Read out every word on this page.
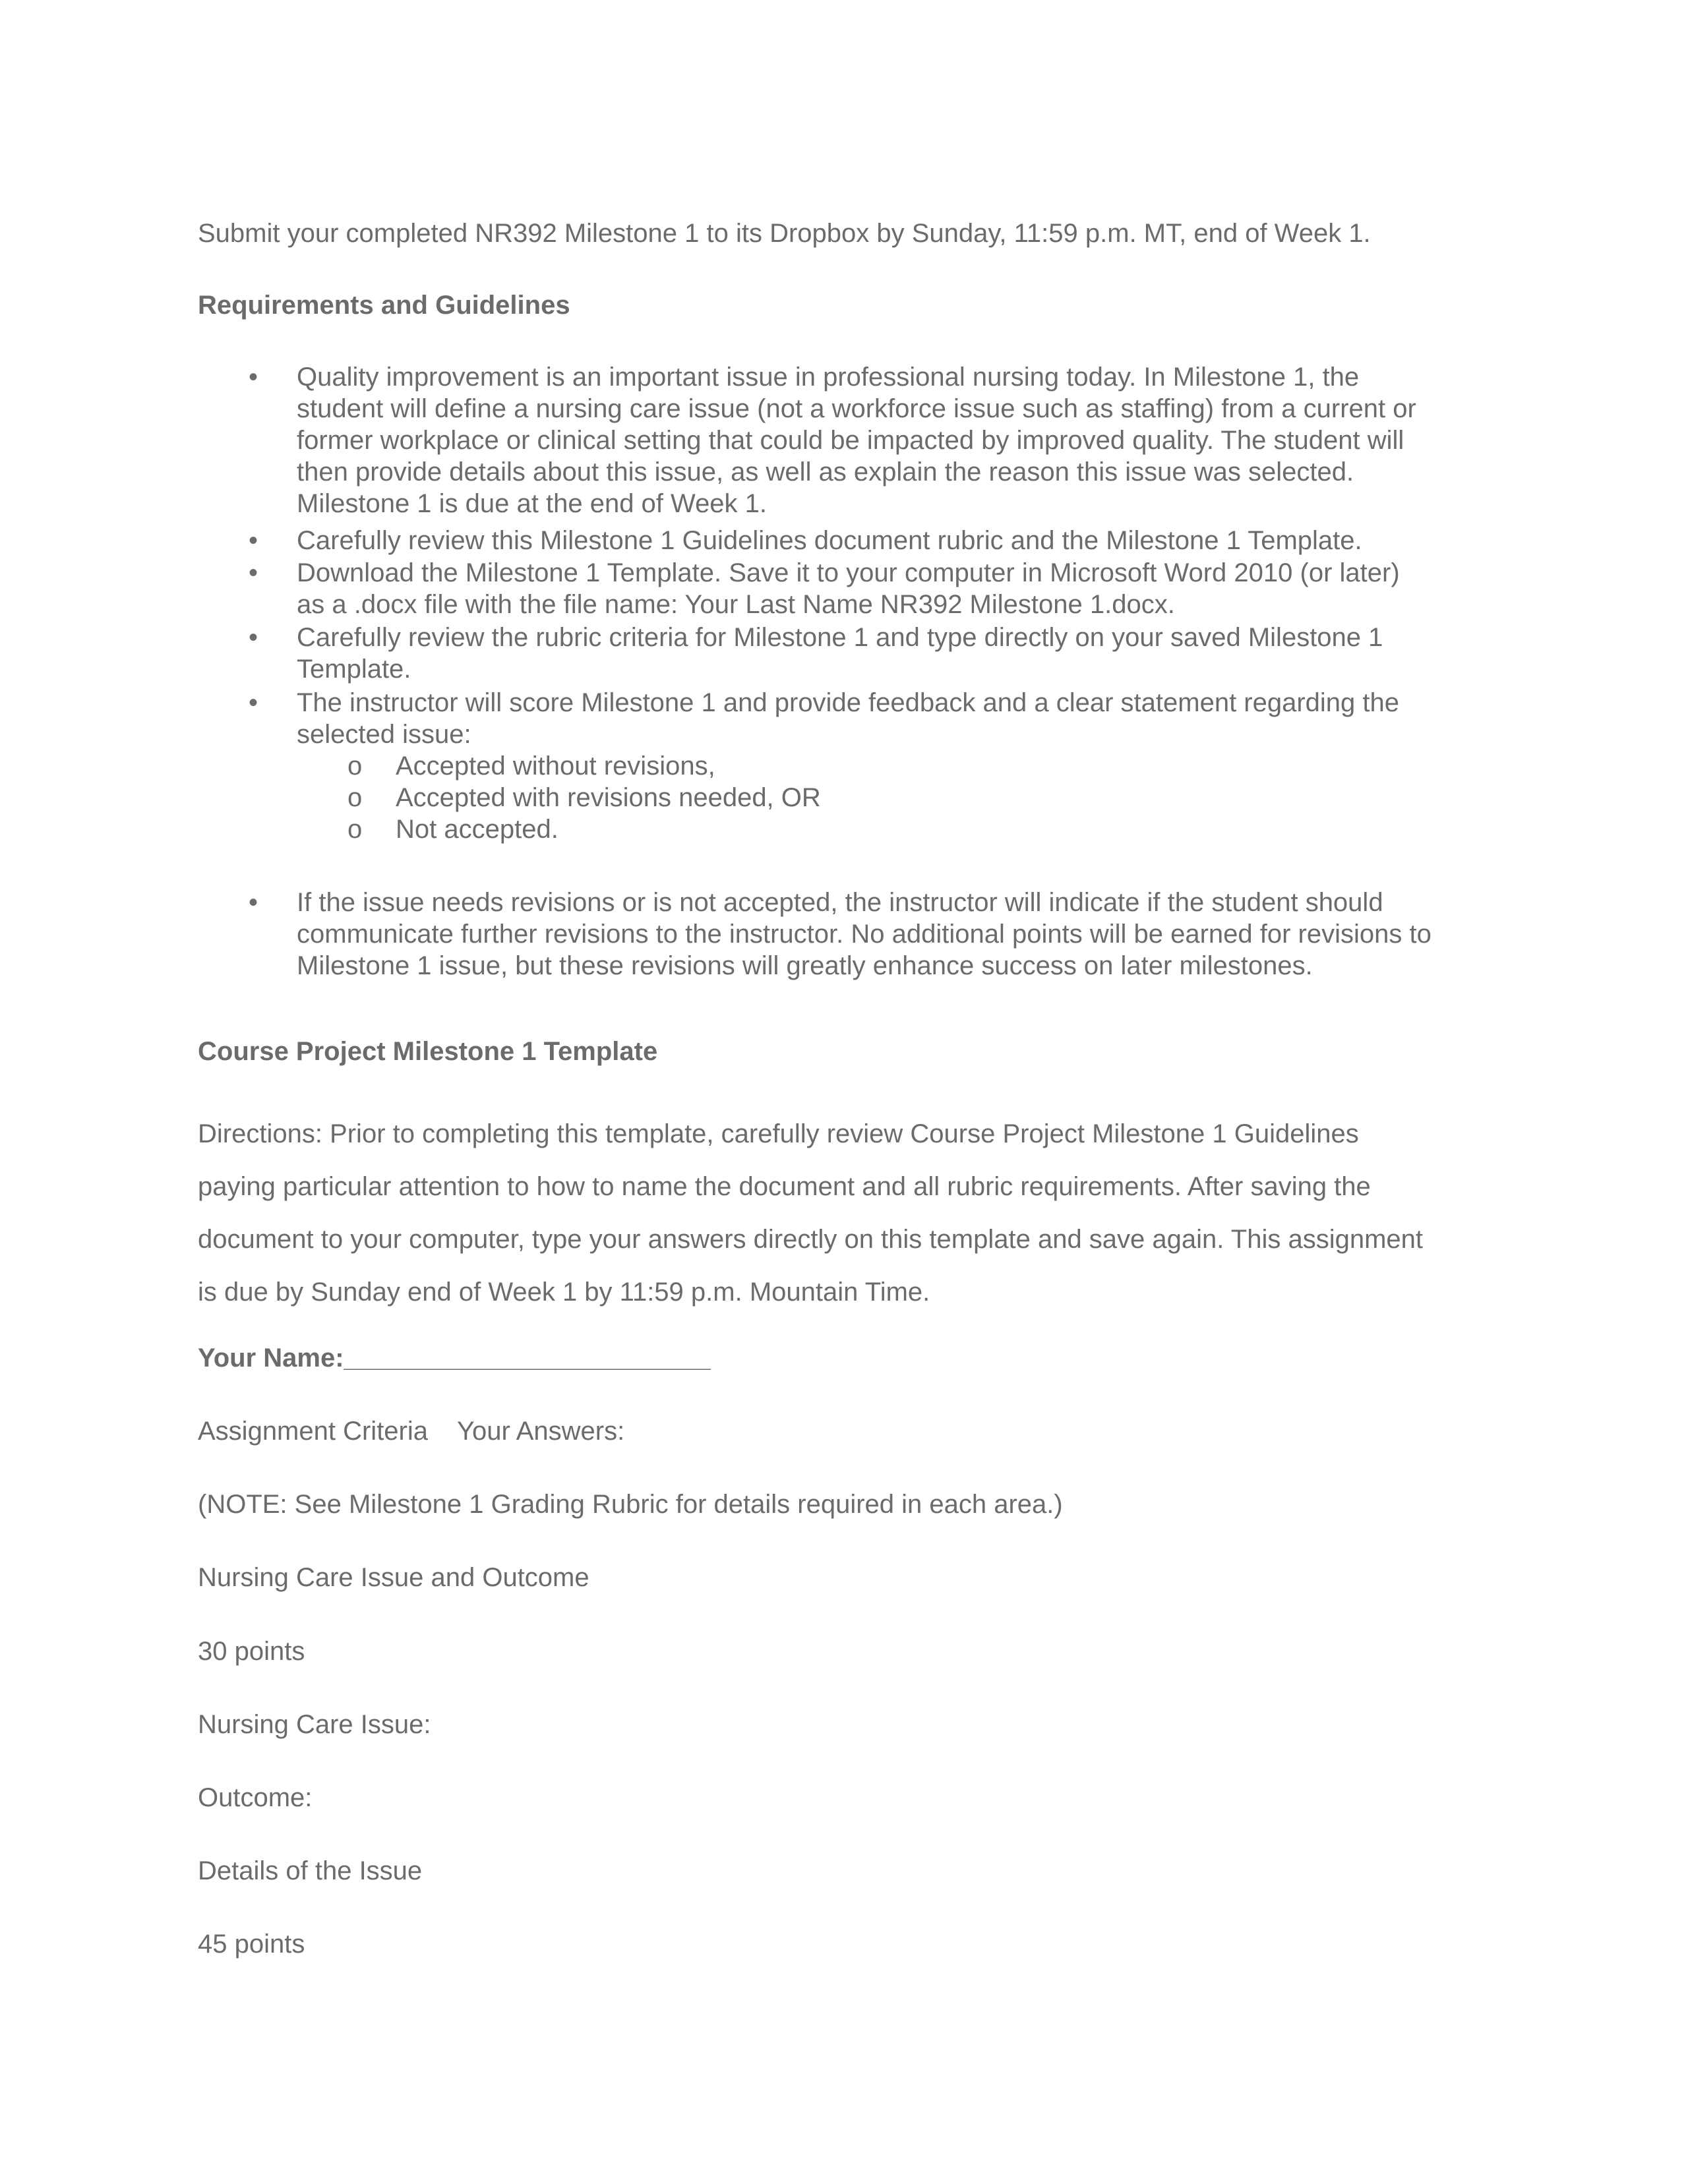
Submit your completed NR392 Milestone 1 to its Dropbox by Sunday, 11:59 p.m. MT, end of Week 1.

Requirements and Guidelines

• Quality improvement is an important issue in professional nursing today. In Milestone 1, the
student will define a nursing care issue (not a workforce issue such as staffing) from a current or
former workplace or clinical setting that could be impacted by improved quality. The student will
then provide details about this issue, as well as explain the reason this issue was selected.
Milestone 1 is due at the end of Week 1.

• Carefully review this Milestone 1 Guidelines document rubric and the Milestone 1 Template.

• Download the Milestone 1 Template. Save it to your computer in Microsoft Word 2010 (or later)
as a .docx file with the file name: Your Last Name NR392 Milestone 1.docx.

• Carefully review the rubric criteria for Milestone 1 and type directly on your saved Milestone 1
Template.

• The instructor will score Milestone 1 and provide feedback and a clear statement regarding the
selected issue:

o Accepted without revisions,

o Accepted with revisions needed, OR

o Not accepted.

• If the issue needs revisions or is not accepted, the instructor will indicate if the student should
communicate further revisions to the instructor. No additional points will be earned for revisions to
Milestone 1 issue, but these revisions will greatly enhance success on later milestones.

Course Project Milestone 1 Template

Directions: Prior to completing this template, carefully review Course Project Milestone 1 Guidelines
paying particular attention to how to name the document and all rubric requirements. After saving the
document to your computer, type your answers directly on this template and save again. This assignment
is due by Sunday end of Week 1 by 11:59 p.m. Mountain Time.

Your Name:_________________________

Assignment Criteria Your Answers:

(NOTE: See Milestone 1 Grading Rubric for details required in each area.)

Nursing Care Issue and Outcome

30 points

Nursing Care Issue:

Outcome:

Details of the Issue

45 points
